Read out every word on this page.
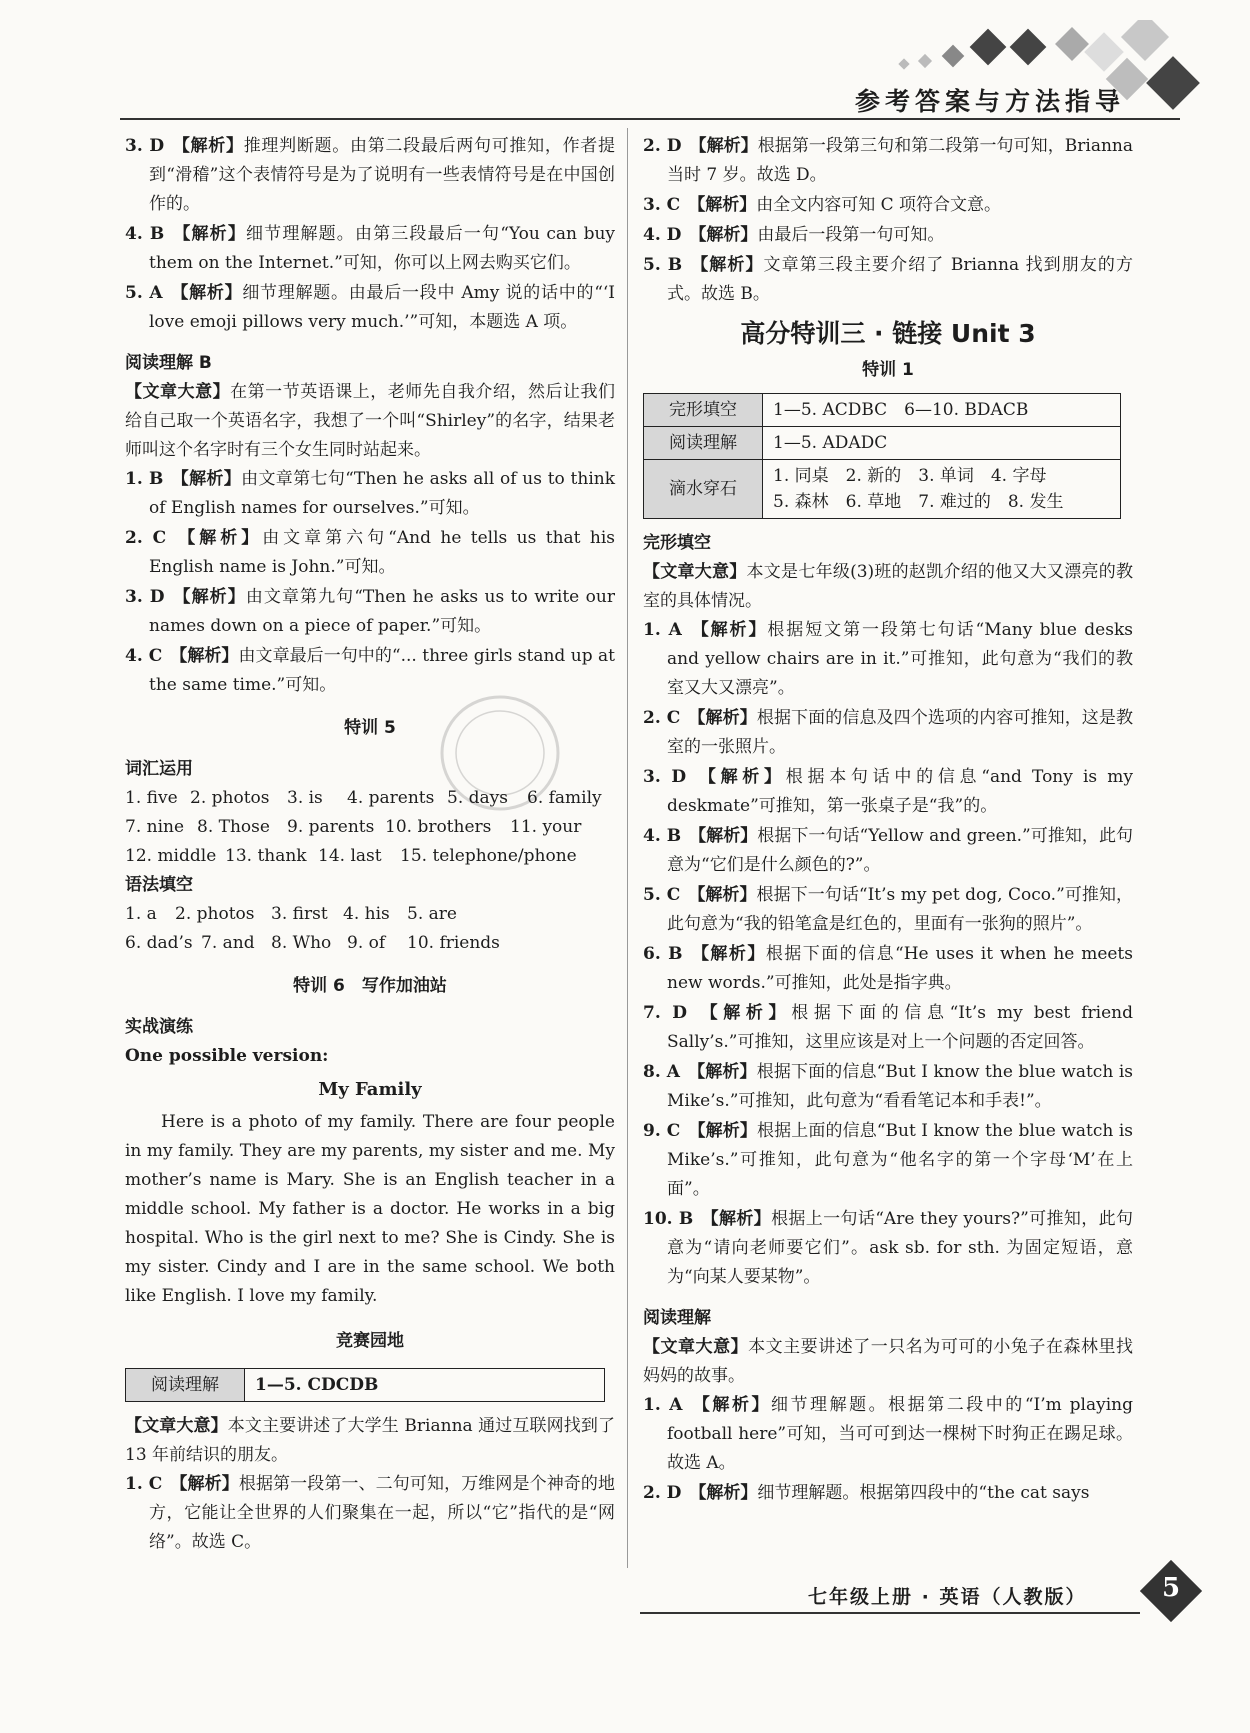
参考答案与方法指导
3. D 【解析】推理判断题。由第二段最后两句可推知，作者提到“滑稽”这个表情符号是为了说明有一些表情符号是在中国创作的。
4. B 【解析】细节理解题。由第三段最后一句“You can buy them on the Internet.”可知，你可以上网去购买它们。
5. A 【解析】细节理解题。由最后一段中 Amy 说的话中的“‘I love emoji pillows very much.’”可知，本题选 A 项。
阅读理解 B

【文章大意】在第一节英语课上，老师先自我介绍，然后让我们给自己取一个英语名字，我想了一个叫“Shirley”的名字，结果老师叫这个名字时有三个女生同时站起来。

1. B 【解析】由文章第七句“Then he asks all of us to think of English names for ourselves.”可知。
2. C 【解析】由文章第六句“And he tells us that his English name is John.”可知。
3. D 【解析】由文章第九句“Then he asks us to write our names down on a piece of paper.”可知。
4. C 【解析】由文章最后一句中的“... three girls stand up at the same time.”可知。
特训 5
词汇运用
1. five 2. photos	3. is	4. parents 5. days	6. family
7. nine 8. Those	9. parents 10. brothers	11. your
12. middle 13. thank 14. last	15. telephone/phone
语法填空
1. a	2. photos 3. first 4. his	5. are
6. dad’s 7. and 8. Who 9. of	10. friends
特训 6　写作加油站
实战演练
One possible version:
My Family

Here is a photo of my family. There are four people in my family. They are my parents, my sister and me. My mother’s name is Mary. She is an English teacher in a middle school. My father is a doctor. He works in a big hospital. Who is the girl next to me? She is Cindy. She is my sister. Cindy and I are in the same school. We both like English. I love my family.

竞赛园地
阅读理解	1—5. CDCDB

【文章大意】本文主要讲述了大学生 Brianna 通过互联网找到了 13 年前结识的朋友。

1. C 【解析】根据第一段第一、二句可知，万维网是个神奇的地方，它能让全世界的人们聚集在一起，所以“它”指代的是“网络”。故选 C。
2. D 【解析】根据第一段第三句和第二段第一句可知，Brianna 当时 7 岁。故选 D。
3. C 【解析】由全文内容可知 C 项符合文意。
4. D 【解析】由最后一段第一句可知。
5. B 【解析】文章第三段主要介绍了 Brianna 找到朋友的方式。故选 B。
高分特训三 · 链接 Unit 3
特训 1
完形填空	1—5. ACDBC　6—10. BDACB
阅读理解	1—5. ADADC
滴水穿石	1. 同桌　2. 新的　3. 单词　4. 字母
5. 森林　6. 草地　7. 难过的　8. 发生
完形填空

【文章大意】本文是七年级(3)班的赵凯介绍的他又大又漂亮的教室的具体情况。

1. A 【解析】根据短文第一段第七句话“Many blue desks and yellow chairs are in it.”可推知，此句意为“我们的教室又大又漂亮”。
2. C 【解析】根据下面的信息及四个选项的内容可推知，这是教室的一张照片。
3. D 【解析】根据本句话中的信息“and Tony is my deskmate”可推知，第一张桌子是“我”的。
4. B 【解析】根据下一句话“Yellow and green.”可推知，此句意为“它们是什么颜色的?”。
5. C 【解析】根据下一句话“It’s my pet dog, Coco.”可推知，此句意为“我的铅笔盒是红色的，里面有一张狗的照片”。
6. B 【解析】根据下面的信息“He uses it when he meets new words.”可推知，此处是指字典。
7. D 【解析】根据下面的信息“It’s my best friend Sally’s.”可推知，这里应该是对上一个问题的否定回答。
8. A 【解析】根据下面的信息“But I know the blue watch is Mike’s.”可推知，此句意为“看看笔记本和手表!”。
9. C 【解析】根据上面的信息“But I know the blue watch is Mike’s.”可推知，此句意为“他名字的第一个字母‘M’在上面”。
10. B 【解析】根据上一句话“Are they yours?”可推知，此句意为“请向老师要它们”。ask sb. for sth. 为固定短语，意为“向某人要某物”。
阅读理解

【文章大意】本文主要讲述了一只名为可可的小兔子在森林里找妈妈的故事。

1. A 【解析】细节理解题。根据第二段中的“I’m playing football here”可知，当可可到达一棵树下时狗正在踢足球。故选 A。
2. D 【解析】细节理解题。根据第四段中的“the cat says
七年级上册 · 英语（人教版）	5
